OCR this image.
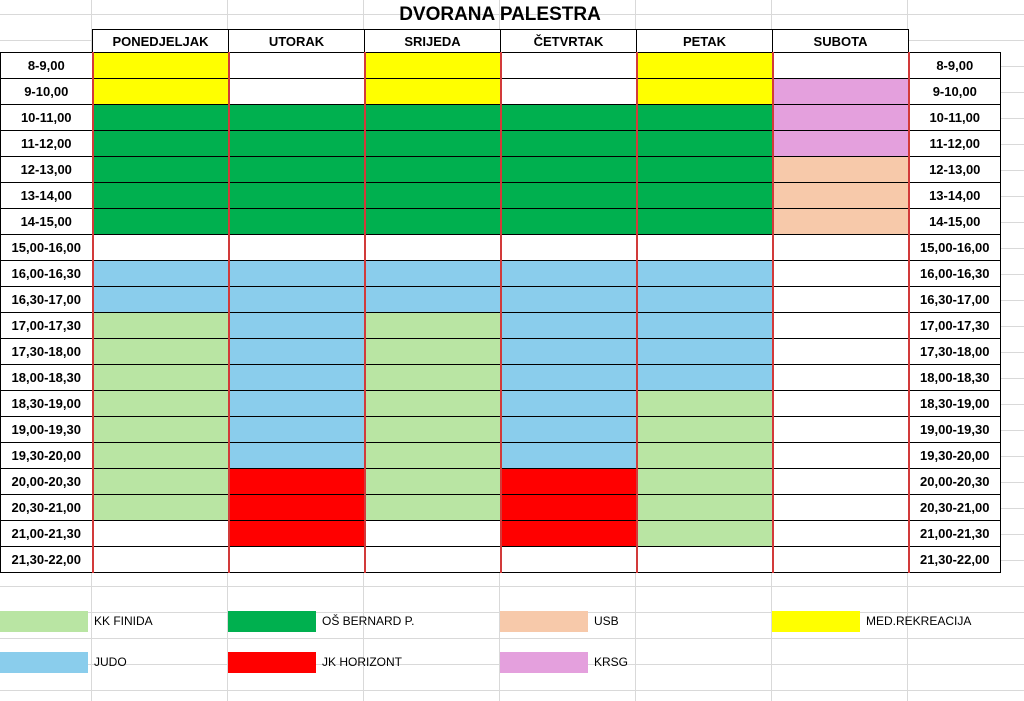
DVORANA PALESTRA
	PONEDJELJAK	UTORAK	SRIJEDA	ČETVRTAK	PETAK	SUBOTA	
8-9,00							8-9,00
9-10,00							9-10,00
10-11,00							10-11,00
11-12,00							11-12,00
12-13,00							12-13,00
13-14,00							13-14,00
14-15,00							14-15,00
15,00-16,00							15,00-16,00
16,00-16,30							16,00-16,30
16,30-17,00							16,30-17,00
17,00-17,30							17,00-17,30
17,30-18,00							17,30-18,00
18,00-18,30							18,00-18,30
18,30-19,00							18,30-19,00
19,00-19,30							19,00-19,30
19,30-20,00							19,30-20,00
20,00-20,30							20,00-20,30
20,30-21,00							20,30-21,00
21,00-21,30							21,00-21,30
21,30-22,00							21,30-22,00
KK FINIDA	OŠ BERNARD P.	USB	MED.REKREACIJA
JUDO	JK HORIZONT	KRSG
